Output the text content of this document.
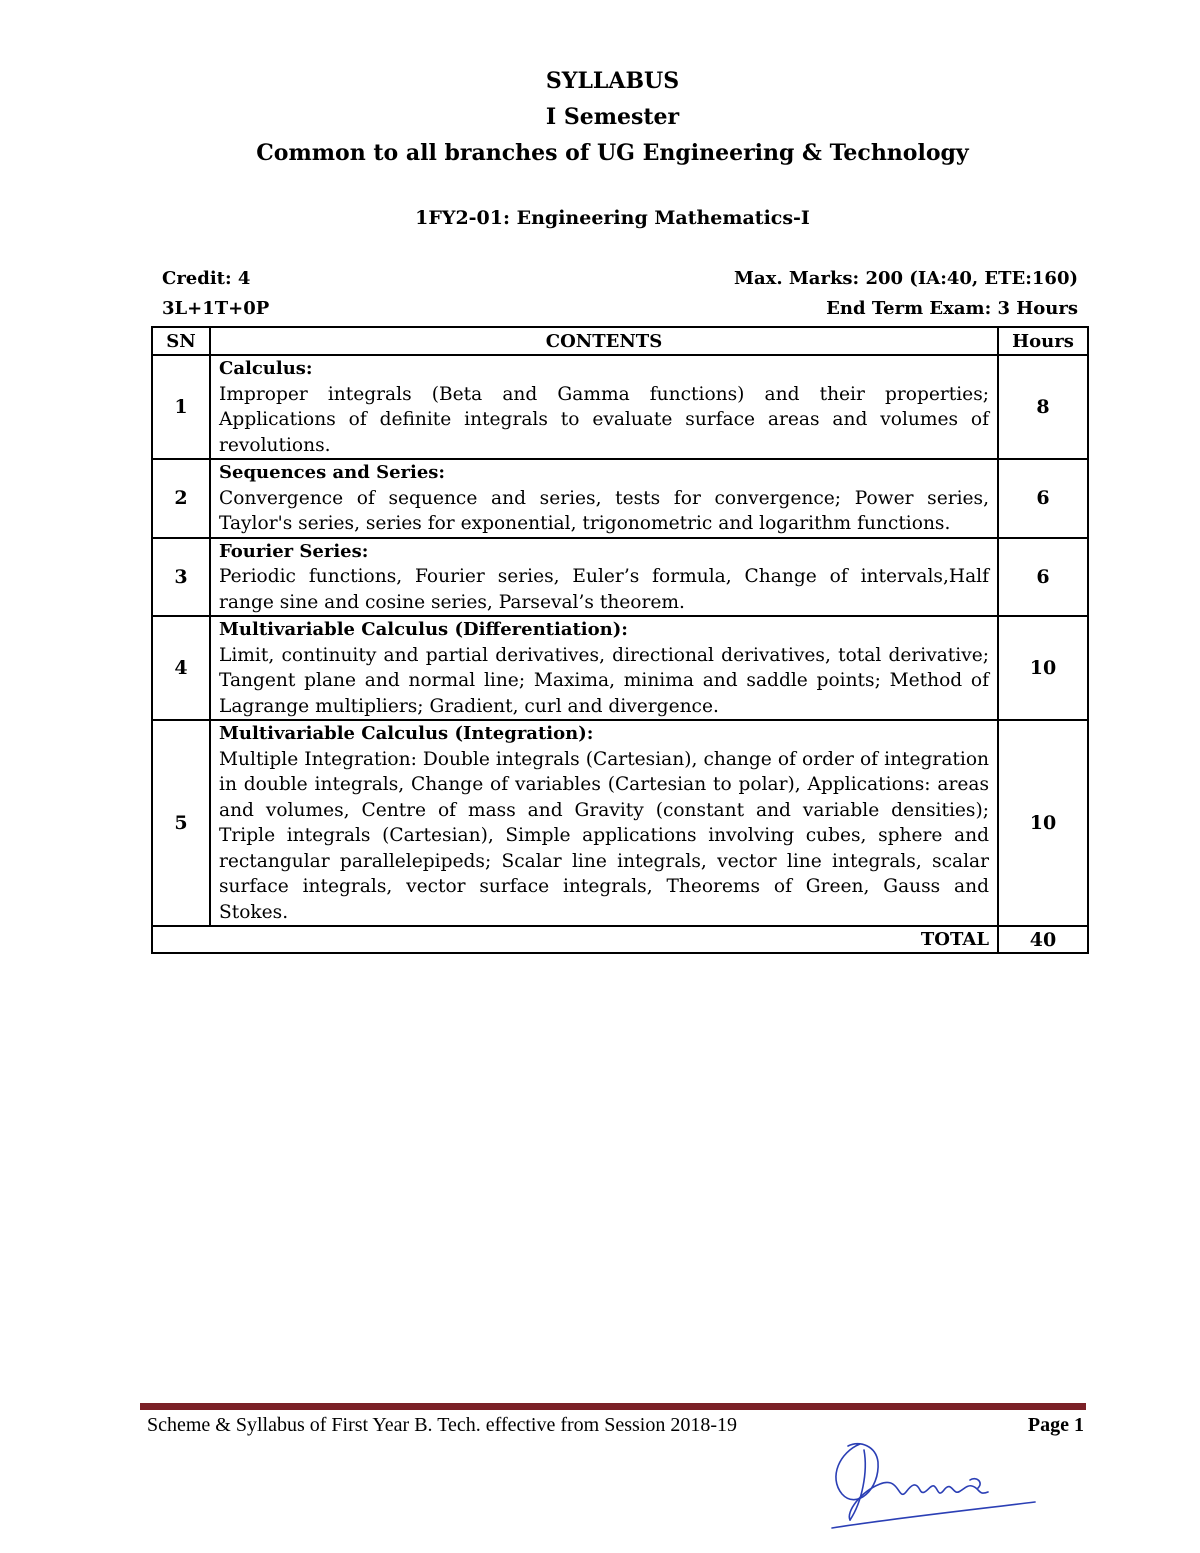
SYLLABUS
I Semester
Common to all branches of UG Engineering & Technology
1FY2-01: Engineering Mathematics-I
Credit: 4
3L+1T+0P
Max. Marks: 200 (IA:40, ETE:160)
End Term Exam: 3 Hours
SN	CONTENTS	Hours
1	Calculus:
Improper integrals (Beta and Gamma functions) and their properties; Applications of definite integrals to evaluate surface areas and volumes of revolutions.	8
2	Sequences and Series:
Convergence of sequence and series, tests for convergence; Power series, Taylor's series, series for exponential, trigonometric and logarithm functions.	6
3	Fourier Series:
Periodic functions, Fourier series, Euler’s formula, Change of intervals,Half range sine and cosine series, Parseval’s theorem.	6
4	Multivariable Calculus (Differentiation):
Limit, continuity and partial derivatives, directional derivatives, total derivative; Tangent plane and normal line; Maxima, minima and saddle points; Method of Lagrange multipliers; Gradient, curl and divergence.	10
5	Multivariable Calculus (Integration):
Multiple Integration: Double integrals (Cartesian), change of order of integration in double integrals, Change of variables (Cartesian to polar), Applications: areas and volumes, Centre of mass and Gravity (constant and variable densities); Triple integrals (Cartesian), Simple applications involving cubes, sphere and rectangular parallelepipeds; Scalar line integrals, vector line integrals, scalar surface integrals, vector surface integrals, Theorems of Green, Gauss and Stokes.	10
TOTAL		40
Scheme & Syllabus of First Year B. Tech. effective from Session 2018-19	Page 1
